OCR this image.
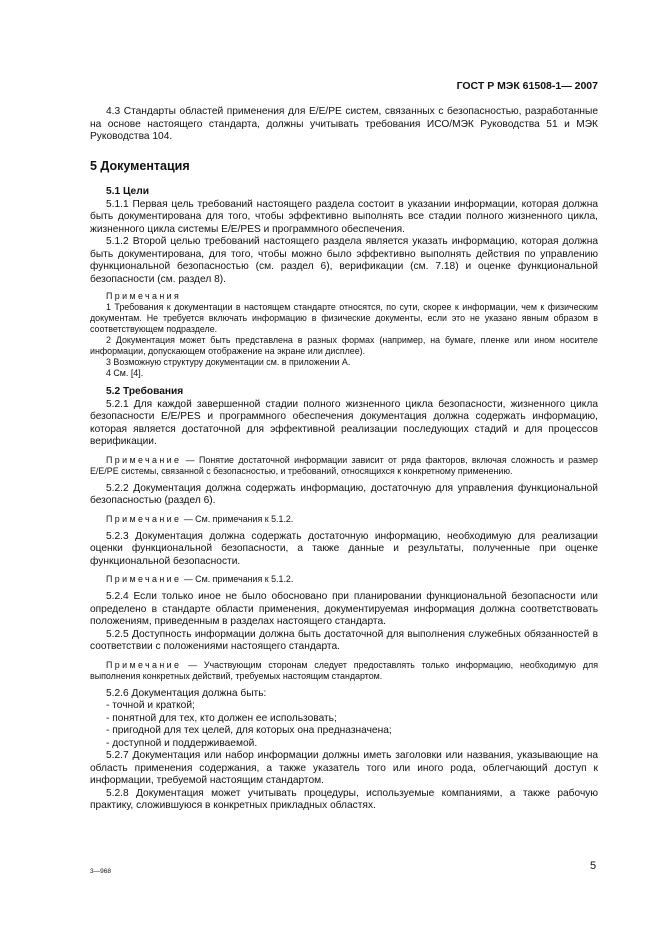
ГОСТ Р МЭК 61508-1— 2007

4.3 Стандарты областей применения для E/E/PE систем, связанных с безопасностью, разработанные на основе настоящего стандарта, должны учитывать требования ИСО/МЭК Руководства 51 и МЭК Руководства 104.

5 Документация
5.1 Цели

5.1.1 Первая цель требований настоящего раздела состоит в указании информации, которая должна быть документирована для того, чтобы эффективно выполнять все стадии полного жизненного цикла, жизненного цикла системы E/E/PES и программного обеспечения.

5.1.2 Второй целью требований настоящего раздела является указать информацию, которая должна быть документирована, для того, чтобы можно было эффективно выполнять действия по управлению функциональной безопасностью (см. раздел 6), верификации (см. 7.18) и оценке функциональной безопасности (см. раздел 8).

Примечания

1 Требования к документации в настоящем стандарте относятся, по сути, скорее к информации, чем к физическим документам. Не требуется включать информацию в физические документы, если это не указано явным образом в соответствующем подразделе.

2 Документация может быть представлена в разных формах (например, на бумаге, пленке или ином носителе информации, допускающем отображение на экране или дисплее).

3 Возможную структуру документации см. в приложении А.

4 См. [4].

5.2 Требования

5.2.1 Для каждой завершенной стадии полного жизненного цикла безопасности, жизненного цикла безопасности E/E/PES и программного обеспечения документация должна содержать информацию, которая является достаточной для эффективной реализации последующих стадий и для процессов верификации.

Примечание — Понятие достаточной информации зависит от ряда факторов, включая сложность и размер E/E/PE системы, связанной с безопасностью, и требований, относящихся к конкретному применению.

5.2.2 Документация должна содержать информацию, достаточную для управления функциональной безопасностью (раздел 6).

Примечание — См. примечания к 5.1.2.

5.2.3 Документация должна содержать достаточную информацию, необходимую для реализации оценки функциональной безопасности, а также данные и результаты, полученные при оценке функциональной безопасности.

Примечание — См. примечания к 5.1.2.

5.2.4 Если только иное не было обосновано при планировании функциональной безопасности или определено в стандарте области применения, документируемая информация должна соответствовать положениям, приведенным в разделах настоящего стандарта.

5.2.5 Доступность информации должна быть достаточной для выполнения служебных обязанностей в соответствии с положениями настоящего стандарта.

Примечание — Участвующим сторонам следует предоставлять только информацию, необходимую для выполнения конкретных действий, требуемых настоящим стандартом.

5.2.6 Документация должна быть:

- точной и краткой;

- понятной для тех, кто должен ее использовать;

- пригодной для тех целей, для которых она предназначена;

- доступной и поддерживаемой.

5.2.7 Документация или набор информации должны иметь заголовки или названия, указывающие на область применения содержания, а также указатель того или иного рода, облегчающий доступ к информации, требуемой настоящим стандартом.

5.2.8 Документация может учитывать процедуры, используемые компаниями, а также рабочую практику, сложившуюся в конкретных прикладных областях.

3—968	5
